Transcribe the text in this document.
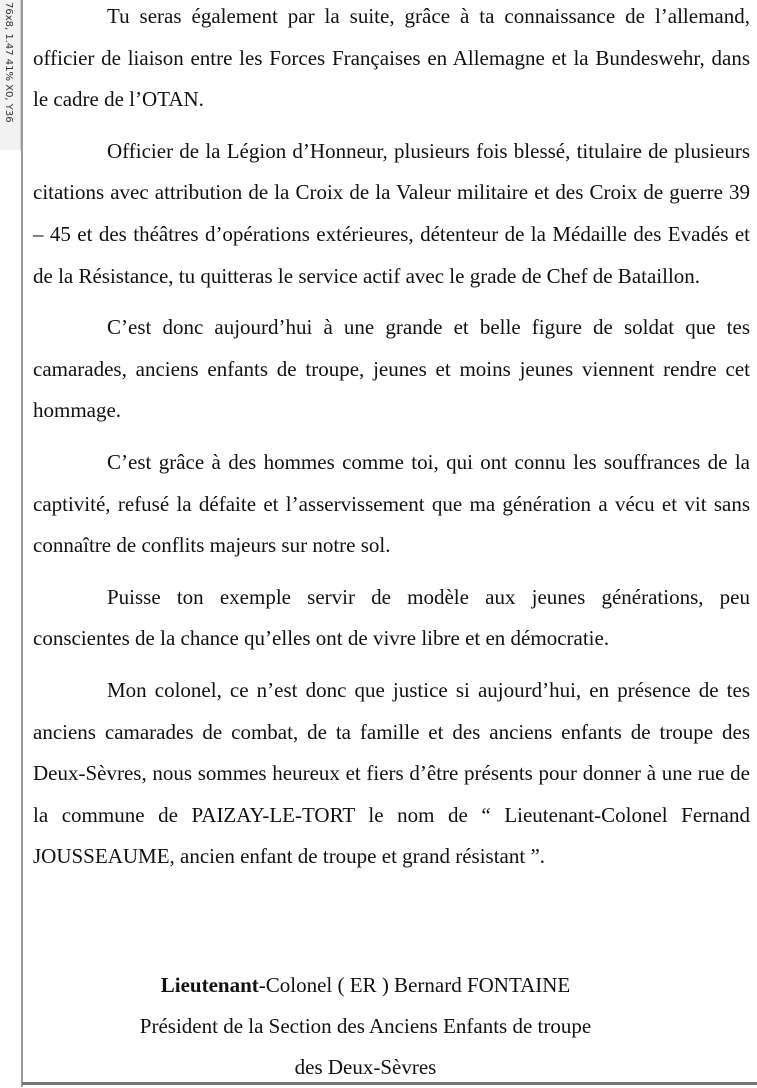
76x8, 1.47 41% X0, Y36	Tu seras également par la suite, grâce à ta connaissance de l’allemand, officier de liaison entre les Forces Françaises en Allemagne et la Bundeswehr, dans le cadre de l’OTAN.

Officier de la Légion d’Honneur, plusieurs fois blessé, titulaire de plusieurs citations avec attribution de la Croix de la Valeur militaire et des Croix de guerre 39 – 45 et des théâtres d’opérations extérieures, détenteur de la Médaille des Evadés et de la Résistance, tu quitteras le service actif avec le grade de Chef de Bataillon.

C’est donc aujourd’hui à une grande et belle figure de soldat que tes camarades, anciens enfants de troupe, jeunes et moins jeunes viennent rendre cet hommage.

C’est grâce à des hommes comme toi, qui ont connu les souffrances de la captivité, refusé la défaite et l’asservissement que ma génération a vécu et vit sans connaître de conflits majeurs sur notre sol.

Puisse ton exemple servir de modèle aux jeunes générations, peu conscientes de la chance qu’elles ont de vivre libre et en démocratie.

Mon colonel, ce n’est donc que justice si aujourd’hui, en présence de tes anciens camarades de combat, de ta famille et des anciens enfants de troupe des Deux-Sèvres, nous sommes heureux et fiers d’être présents pour donner à une rue de la commune de PAIZAY-LE-TORT le nom de “ Lieutenant-Colonel Fernand JOUSSEAUME, ancien enfant de troupe et grand résistant ”.

Lieutenant-Colonel ( ER ) Bernard FONTAINE
Président de la Section des Anciens Enfants de troupe
des Deux-Sèvres
